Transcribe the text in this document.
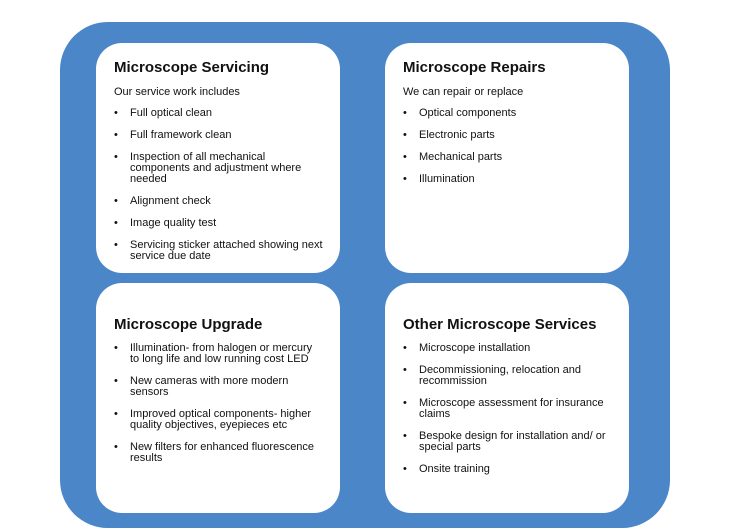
Microscope Servicing

Our service work includes

• Full optical clean
• Full framework clean
• Inspection of all mechanical components and adjustment where needed
• Alignment check
• Image quality test
• Servicing sticker attached showing next service due date
Microscope Repairs

We can repair or replace

• Optical components
• Electronic parts
• Mechanical parts
• Illumination
Microscope Upgrade
• Illumination- from halogen or mercury to long life and low running cost LED
• New cameras with more modern sensors
• Improved optical components- higher quality objectives, eyepieces etc
• New filters for enhanced fluorescence results
Other Microscope Services
• Microscope installation
• Decommissioning, relocation and recommission
• Microscope assessment for insurance claims
• Bespoke design for installation and/ or special parts
• Onsite training
